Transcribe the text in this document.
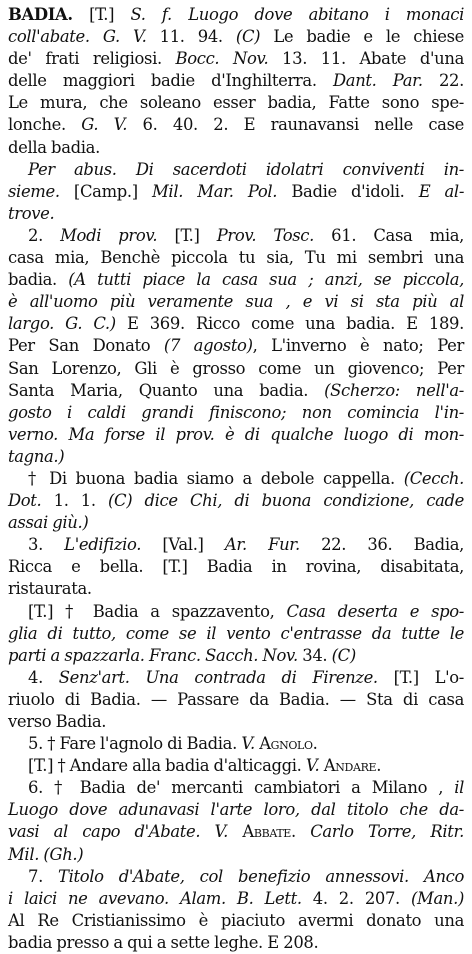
BADIA. [T.] S. f. Luogo dove abitano i monaci
coll'abate. G. V. 11. 94. (C) Le badie e le chiese
de' frati religiosi. Bocc. Nov. 13. 11. Abate d'una
delle maggiori badie d'Inghilterra. Dant. Par. 22.
Le mura, che soleano esser badia, Fatte sono spe-
lonche. G. V. 6. 40. 2. E raunavansi nelle case
della badia.
Per abus. Di sacerdoti idolatri conviventi in-
sieme. [Camp.] Mil. Mar. Pol. Badie d'idoli. E al-
trove.
2. Modi prov. [T.] Prov. Tosc. 61. Casa mia,
casa mia, Benchè piccola tu sia, Tu mi sembri una
badia. (A tutti piace la casa sua ; anzi, se piccola,
è all'uomo più veramente sua , e vi si sta più al
largo. G. C.) E 369. Ricco come una badia. E 189.
Per San Donato (7 agosto), L'inverno è nato; Per
San Lorenzo, Gli è grosso come un giovenco; Per
Santa Maria, Quanto una badia. (Scherzo: nell'a-
gosto i caldi grandi finiscono; non comincia l'in-
verno. Ma forse il prov. è di qualche luogo di mon-
tagna.)
† Di buona badia siamo a debole cappella. (Cecch.
Dot. 1. 1. (C) dice Chi, di buona condizione, cade
assai giù.)
3. L'edifizio. [Val.] Ar. Fur. 22. 36. Badia,
Ricca e bella. [T.] Badia in rovina, disabitata,
ristaurata.
[T.] † Badia a spazzavento, Casa deserta e spo-
glia di tutto, come se il vento c'entrasse da tutte le
parti a spazzarla. Franc. Sacch. Nov. 34. (C)
4. Senz'art. Una contrada di Firenze. [T.] L'o-
riuolo di Badia. — Passare da Badia. — Sta di casa
verso Badia.
5. † Fare l'agnolo di Badia. V. Agnolo.
[T.] † Andare alla badia d'alticaggi. V. Andare.
6. † Badia de' mercanti cambiatori a Milano , il
Luogo dove adunavasi l'arte loro, dal titolo che da-
vasi al capo d'Abate. V. Abbate. Carlo Torre, Ritr.
Mil. (Gh.)
7. Titolo d'Abate, col benefizio annessovi. Anco
i laici ne avevano. Alam. B. Lett. 4. 2. 207. (Man.)
Al Re Cristianissimo è piaciuto avermi donato una
badia presso a qui a sette leghe. E 208.
